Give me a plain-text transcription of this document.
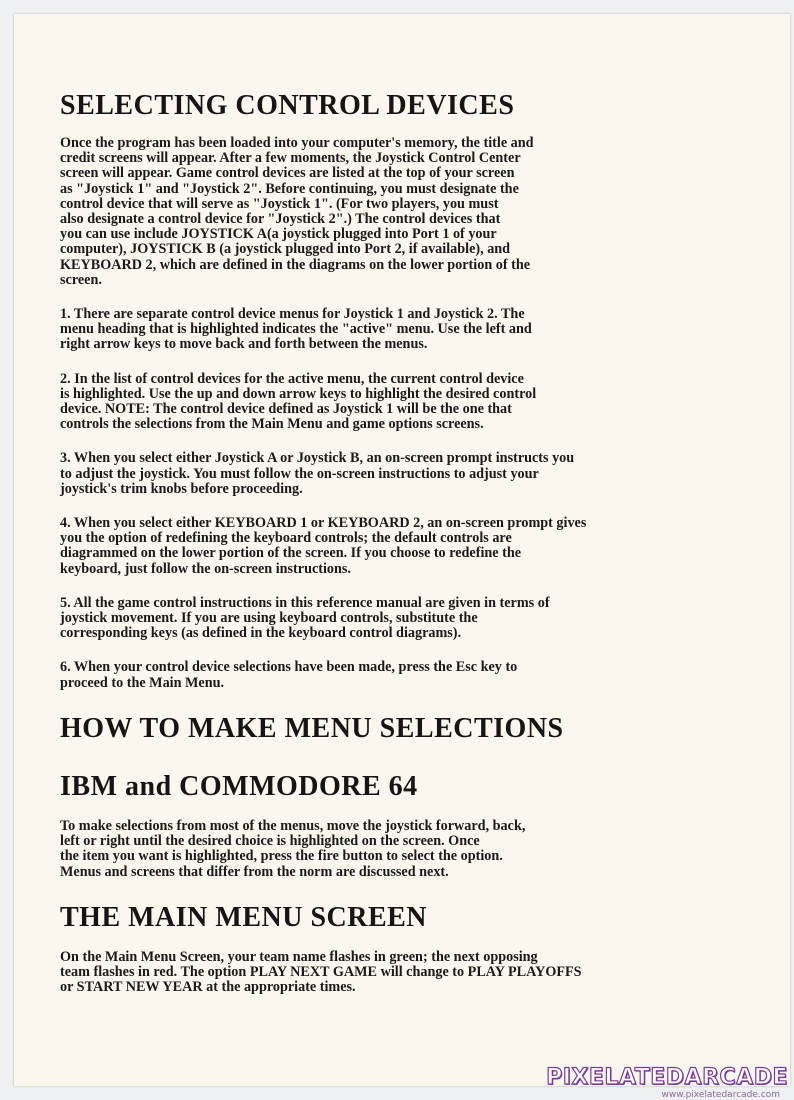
SELECTING CONTROL DEVICES

Once the program has been loaded into your computer's memory, the title and
credit screens will appear. After a few moments, the Joystick Control Center
screen will appear. Game control devices are listed at the top of your screen
as "Joystick 1" and "Joystick 2". Before continuing, you must designate the
control device that will serve as "Joystick 1". (For two players, you must
also designate a control device for "Joystick 2".) The control devices that
you can use include JOYSTICK A(a joystick plugged into Port 1 of your
computer), JOYSTICK B (a joystick plugged into Port 2, if available), and
KEYBOARD 2, which are defined in the diagrams on the lower portion of the
screen.

1. There are separate control device menus for Joystick 1 and Joystick 2. The
menu heading that is highlighted indicates the "active" menu. Use the left and
right arrow keys to move back and forth between the menus.

2. In the list of control devices for the active menu, the current control device
is highlighted. Use the up and down arrow keys to highlight the desired control
device. NOTE: The control device defined as Joystick 1 will be the one that
controls the selections from the Main Menu and game options screens.

3. When you select either Joystick A or Joystick B, an on-screen prompt instructs you
to adjust the joystick. You must follow the on-screen instructions to adjust your
joystick's trim knobs before proceeding.

4. When you select either KEYBOARD 1 or KEYBOARD 2, an on-screen prompt gives
you the option of redefining the keyboard controls; the default controls are
diagrammed on the lower portion of the screen. If you choose to redefine the
keyboard, just follow the on-screen instructions.

5. All the game control instructions in this reference manual are given in terms of
joystick movement. If you are using keyboard controls, substitute the
corresponding keys (as defined in the keyboard control diagrams).

6. When your control device selections have been made, press the Esc key to
proceed to the Main Menu.

HOW TO MAKE MENU SELECTIONS
IBM and COMMODORE 64

To make selections from most of the menus, move the joystick forward, back,
left or right until the desired choice is highlighted on the screen. Once
the item you want is highlighted, press the fire button to select the option.
Menus and screens that differ from the norm are discussed next.

THE MAIN MENU SCREEN

On the Main Menu Screen, your team name flashes in green; the next opposing
team flashes in red. The option PLAY NEXT GAME will change to PLAY PLAYOFFS
or START NEW YEAR at the appropriate times.

PIXELATEDARCADE
www.pixelatedarcade.com
